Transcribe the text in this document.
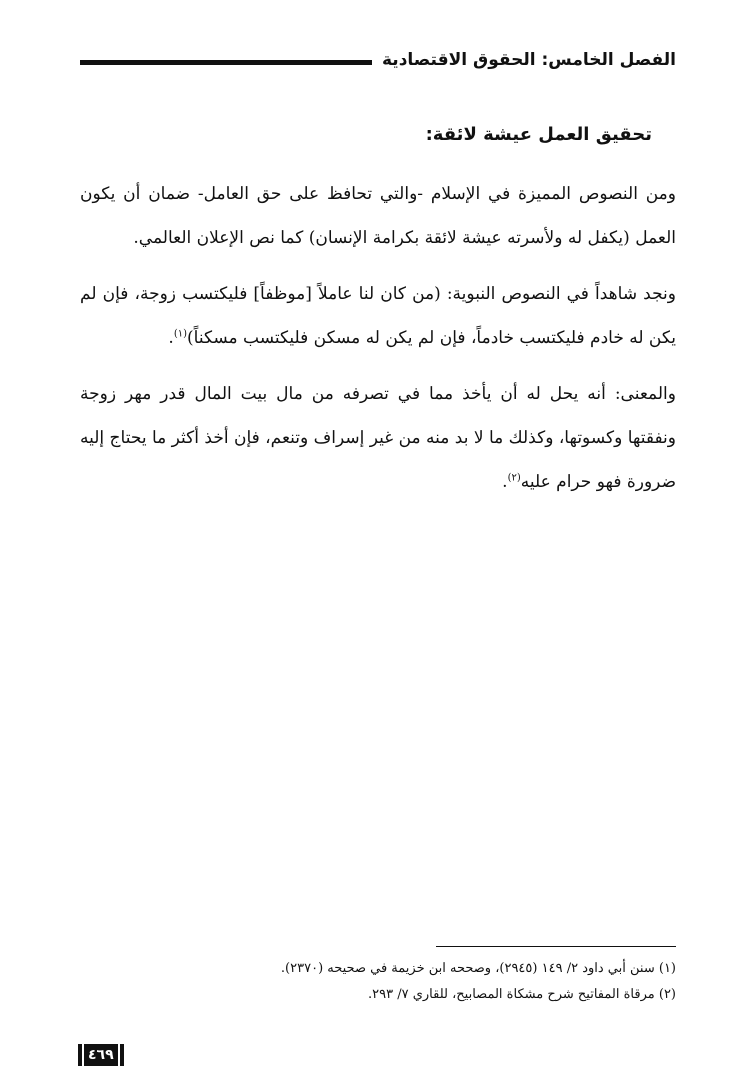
الفصل الخامس: الحقوق الاقتصادية
تحقيق العمل عيشة لائقة:

ومن النصوص المميزة في الإسلام -والتي تحافظ على حق العامل- ضمان أن يكون العمل (يكفل له ولأسرته عيشة لائقة بكرامة الإنسان) كما نص الإعلان العالمي.

ونجد شاهداً في النصوص النبوية: (من كان لنا عاملاً [موظفاً] فليكتسب زوجة، فإن لم يكن له خادم فليكتسب خادماً، فإن لم يكن له مسكن فليكتسب مسكناً)$^{(١)}$.

والمعنى: أنه يحل له أن يأخذ مما في تصرفه من مال بيت المال قدر مهر زوجة ونفقتها وكسوتها، وكذلك ما لا بد منه من غير إسراف وتنعم، فإن أخذ أكثر ما يحتاج إليه ضرورة فهو حرام عليه$^{(٢)}$.

(١) سنن أبي داود ٢/ ١٤٩ (٢٩٤٥)، وصححه ابن خزيمة في صحيحه (٢٣٧٠).
(٢) مرقاة المفاتيح شرح مشكاة المصابيح، للقاري ٧/ ٢٩٣.
٤٦٩
